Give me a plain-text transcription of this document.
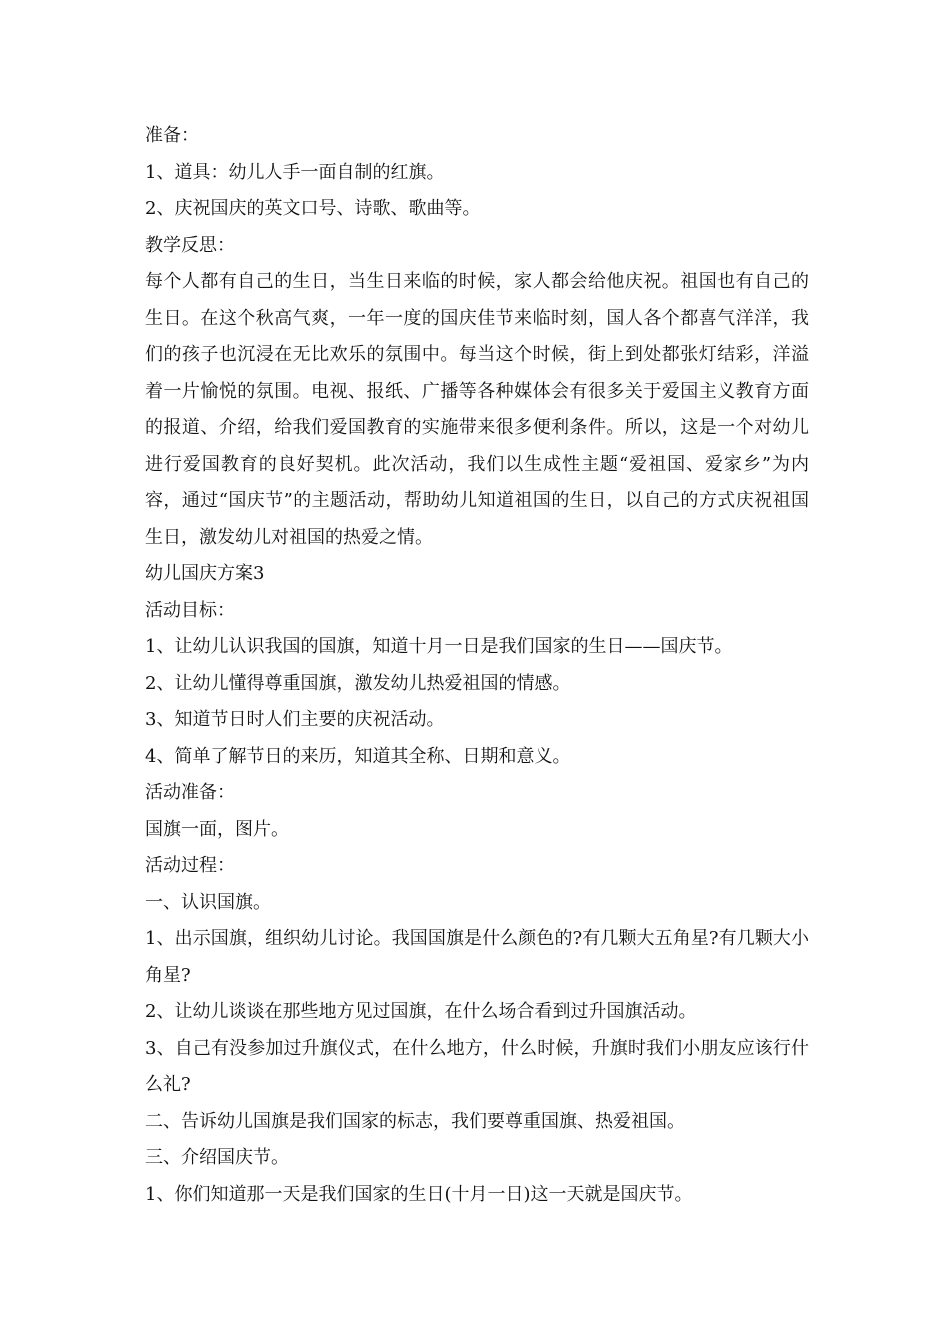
准备：

1、道具：幼儿人手一面自制的红旗。

2、庆祝国庆的英文口号、诗歌、歌曲等。

教学反思：

每个人都有自己的生日，当生日来临的时候，家人都会给他庆祝。祖国也有自己的生日。在这个秋高气爽，一年一度的国庆佳节来临时刻，国人各个都喜气洋洋，我们的孩子也沉浸在无比欢乐的氛围中。每当这个时候，街上到处都张灯结彩，洋溢着一片愉悦的氛围。电视、报纸、广播等各种媒体会有很多关于爱国主义教育方面的报道、介绍，给我们爱国教育的实施带来很多便利条件。所以，这是一个对幼儿进行爱国教育的良好契机。此次活动，我们以生成性主题“爱祖国、爱家乡”为内容，通过“国庆节”的主题活动，帮助幼儿知道祖国的生日，以自己的方式庆祝祖国生日，激发幼儿对祖国的热爱之情。

幼儿国庆方案3

活动目标：

1、让幼儿认识我国的国旗，知道十月一日是我们国家的生日——国庆节。

2、让幼儿懂得尊重国旗，激发幼儿热爱祖国的情感。

3、知道节日时人们主要的庆祝活动。

4、简单了解节日的来历，知道其全称、日期和意义。

活动准备：

国旗一面，图片。

活动过程：

一、认识国旗。

1、出示国旗，组织幼儿讨论。我国国旗是什么颜色的?有几颗大五角星?有几颗大小角星?

2、让幼儿谈谈在那些地方见过国旗，在什么场合看到过升国旗活动。

3、自己有没参加过升旗仪式，在什么地方，什么时候，升旗时我们小朋友应该行什么礼?

二、告诉幼儿国旗是我们国家的标志，我们要尊重国旗、热爱祖国。

三、介绍国庆节。

1、你们知道那一天是我们国家的生日(十月一日)这一天就是国庆节。
